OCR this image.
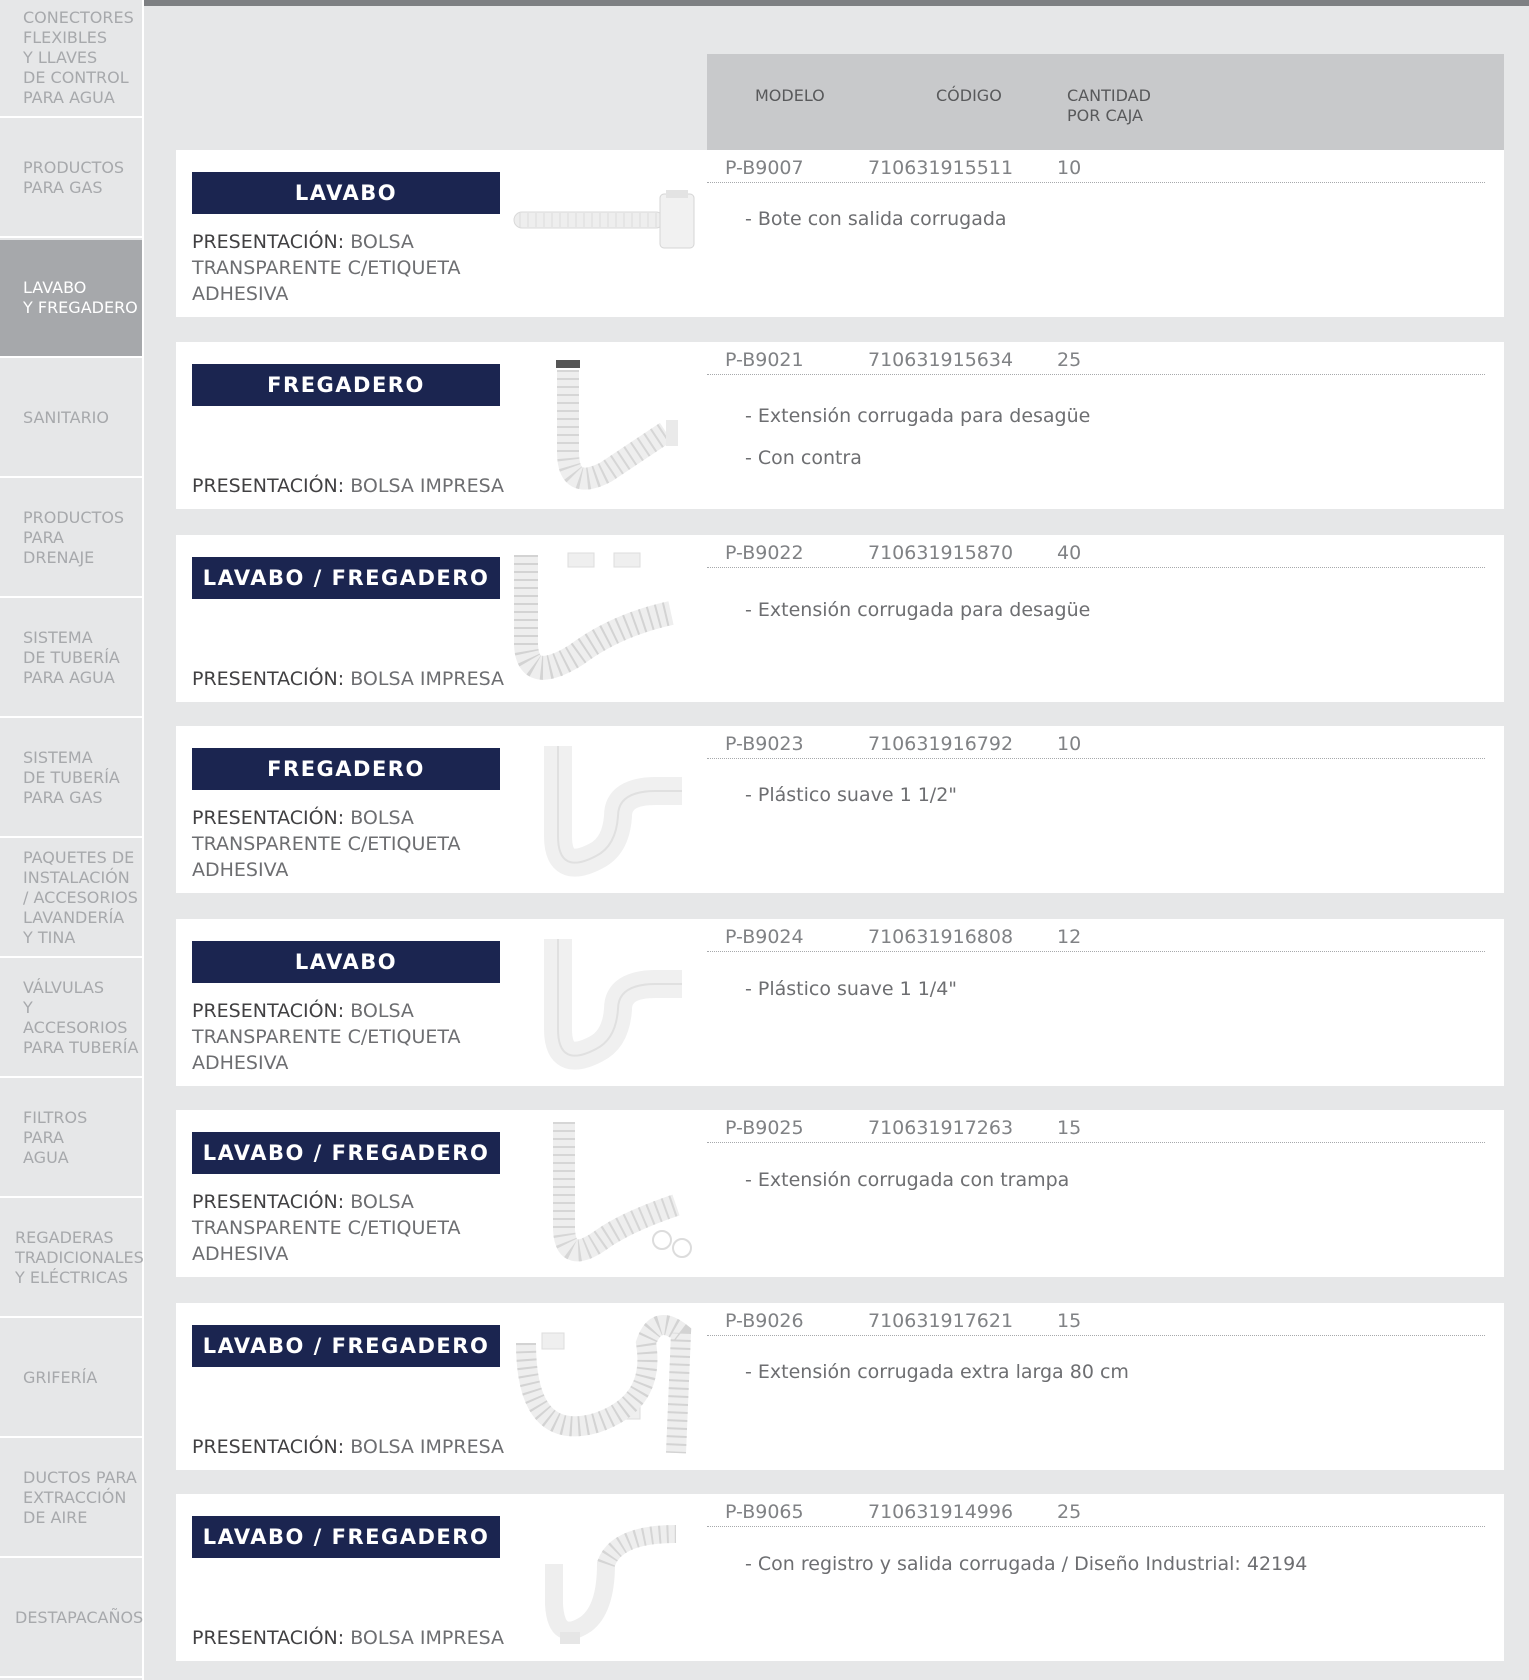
CONECTORES
FLEXIBLES
Y LLAVES
DE CONTROL
PARA AGUA
PRODUCTOS
PARA GAS
LAVABO
Y FREGADERO
SANITARIO
PRODUCTOS
PARA
DRENAJE
SISTEMA
DE TUBERÍA
PARA AGUA
SISTEMA
DE TUBERÍA
PARA GAS
PAQUETES DE
INSTALACIÓN
/ ACCESORIOS
LAVANDERÍA
Y TINA
VÁLVULAS
Y ACCESORIOS
PARA TUBERÍA
FILTROS
PARA
AGUA
REGADERAS
TRADICIONALES
Y ELÉCTRICAS
GRIFERÍA
DUCTOS PARA
EXTRACCIÓN
DE AIRE
DESTAPACAÑOS
MODELO	CÓDIGO	CANTIDAD
POR CAJA
LAVABO
PRESENTACIÓN: BOLSA TRANSPARENTE C/ETIQUETA ADHESIVA
P-B9007	710631915511 10
- Bote con salida corrugada
FREGADERO
PRESENTACIÓN: BOLSA IMPRESA
P-B9021	710631915634 25
- Extensión corrugada para desagüe
- Con contra
LAVABO / FREGADERO
PRESENTACIÓN: BOLSA IMPRESA
P-B9022	710631915870 40
- Extensión corrugada para desagüe
FREGADERO
PRESENTACIÓN: BOLSA TRANSPARENTE C/ETIQUETA ADHESIVA
P-B9023	710631916792 10
- Plástico suave 1 1/2"
LAVABO
PRESENTACIÓN: BOLSA TRANSPARENTE C/ETIQUETA ADHESIVA
P-B9024	710631916808 12
- Plástico suave 1 1/4"
LAVABO / FREGADERO
PRESENTACIÓN: BOLSA TRANSPARENTE C/ETIQUETA ADHESIVA
P-B9025	710631917263 15
- Extensión corrugada con trampa
LAVABO / FREGADERO
PRESENTACIÓN: BOLSA IMPRESA
P-B9026	710631917621 15
- Extensión corrugada extra larga 80 cm
LAVABO / FREGADERO
PRESENTACIÓN: BOLSA IMPRESA
P-B9065	710631914996 25
- Con registro y salida corrugada / Diseño Industrial: 42194
